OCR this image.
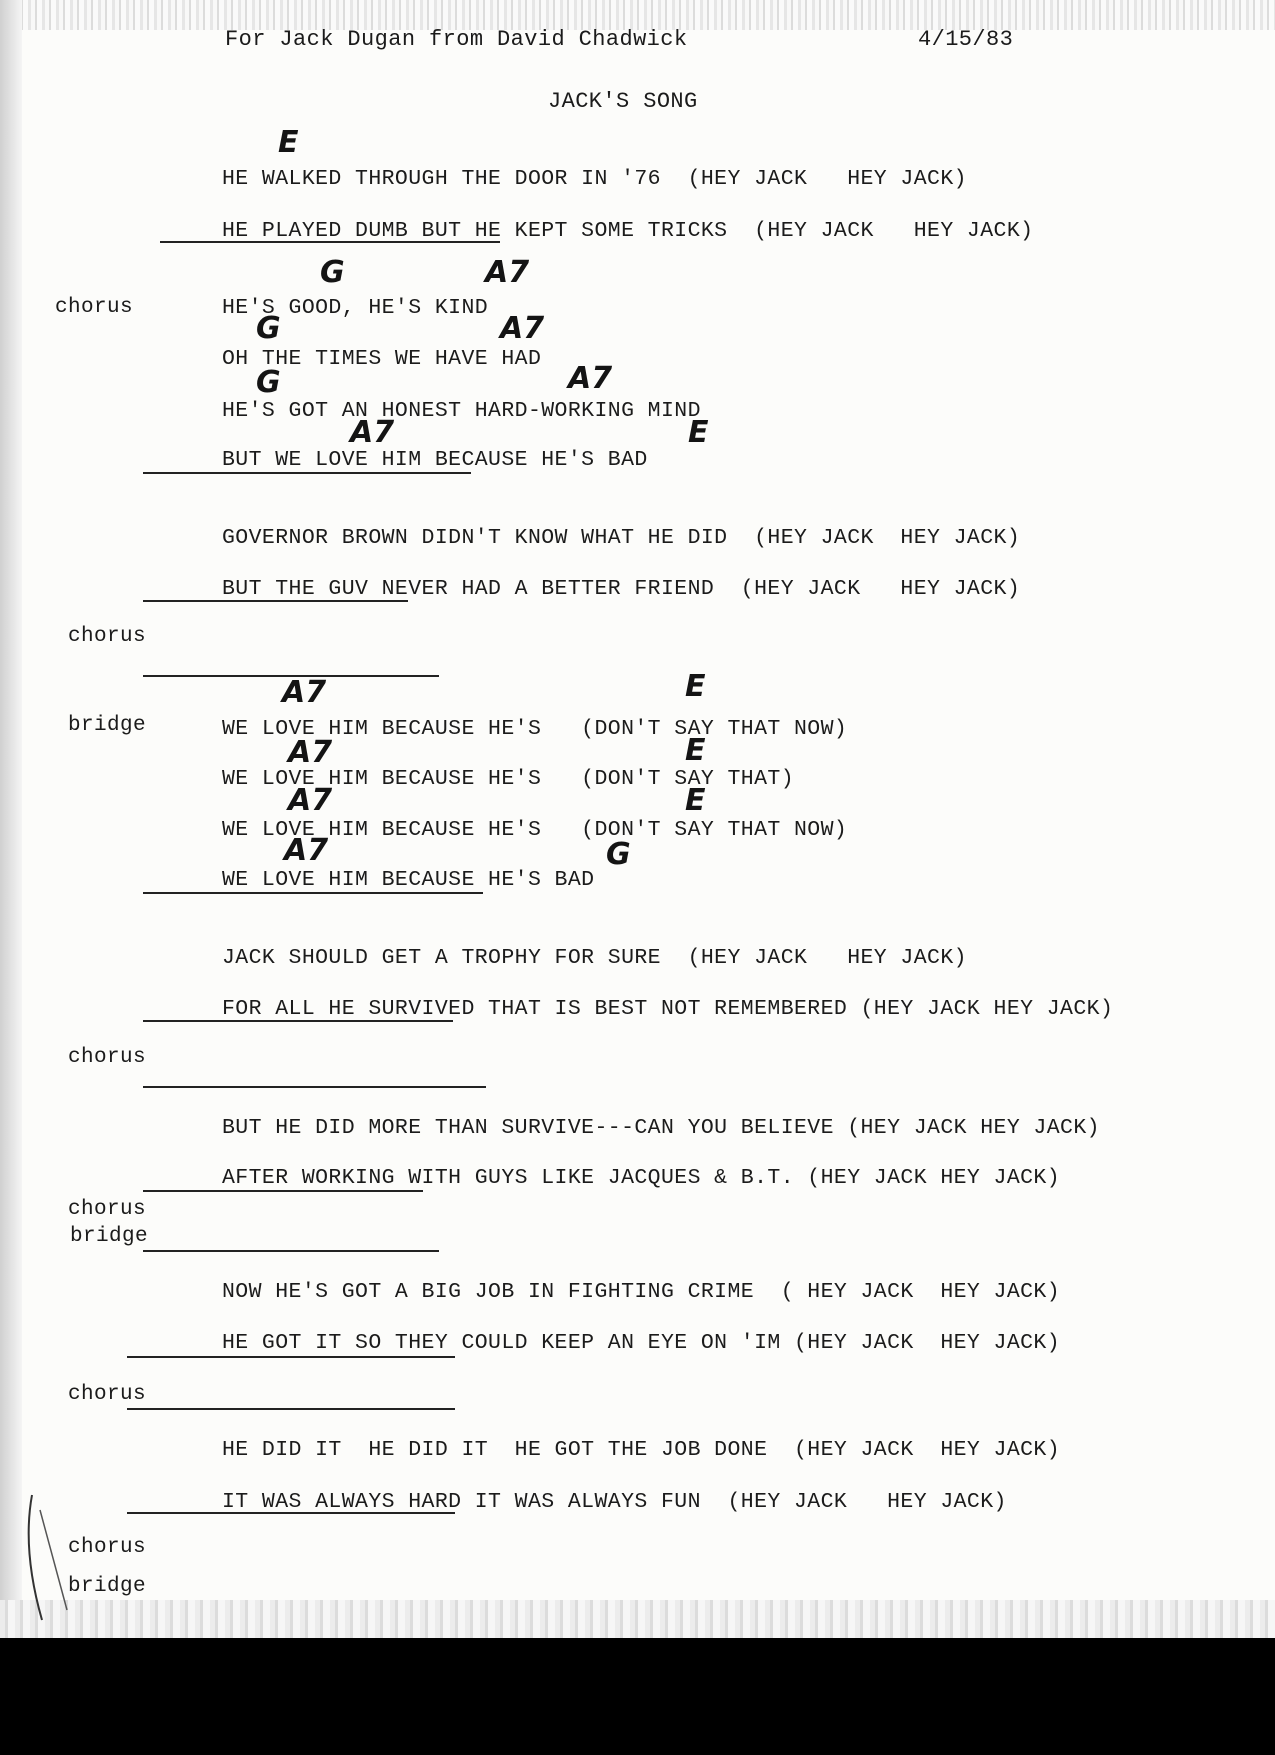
For Jack Dugan from David Chadwick	4/15/83
JACK'S SONG
E
HE WALKED THROUGH THE DOOR IN '76  (HEY JACK   HEY JACK)
HE PLAYED DUMB BUT HE KEPT SOME TRICKS  (HEY JACK   HEY JACK)
chorus
G	A7
HE'S GOOD, HE'S KIND
G	A7
OH THE TIMES WE HAVE HAD
G	A7
HE'S GOT AN HONEST HARD-WORKING MIND
A7	E
BUT WE LOVE HIM BECAUSE HE'S BAD
GOVERNOR BROWN DIDN'T KNOW WHAT HE DID  (HEY JACK  HEY JACK)
BUT THE GUV NEVER HAD A BETTER FRIEND  (HEY JACK   HEY JACK)
chorus
bridge
A7	E
WE LOVE HIM BECAUSE HE'S   (DON'T SAY THAT NOW)
A7	E
WE LOVE HIM BECAUSE HE'S   (DON'T SAY THAT)
A7	E
WE LOVE HIM BECAUSE HE'S   (DON'T SAY THAT NOW)
A7	G
WE LOVE HIM BECAUSE HE'S BAD
JACK SHOULD GET A TROPHY FOR SURE  (HEY JACK   HEY JACK)
FOR ALL HE SURVIVED THAT IS BEST NOT REMEMBERED (HEY JACK HEY JACK)
chorus
BUT HE DID MORE THAN SURVIVE---CAN YOU BELIEVE (HEY JACK HEY JACK)
AFTER WORKING WITH GUYS LIKE JACQUES & B.T. (HEY JACK HEY JACK)
chorus
bridge
NOW HE'S GOT A BIG JOB IN FIGHTING CRIME  ( HEY JACK  HEY JACK)
HE GOT IT SO THEY COULD KEEP AN EYE ON 'IM (HEY JACK  HEY JACK)
chorus
HE DID IT  HE DID IT  HE GOT THE JOB DONE  (HEY JACK  HEY JACK)
IT WAS ALWAYS HARD IT WAS ALWAYS FUN  (HEY JACK   HEY JACK)
chorus
bridge
